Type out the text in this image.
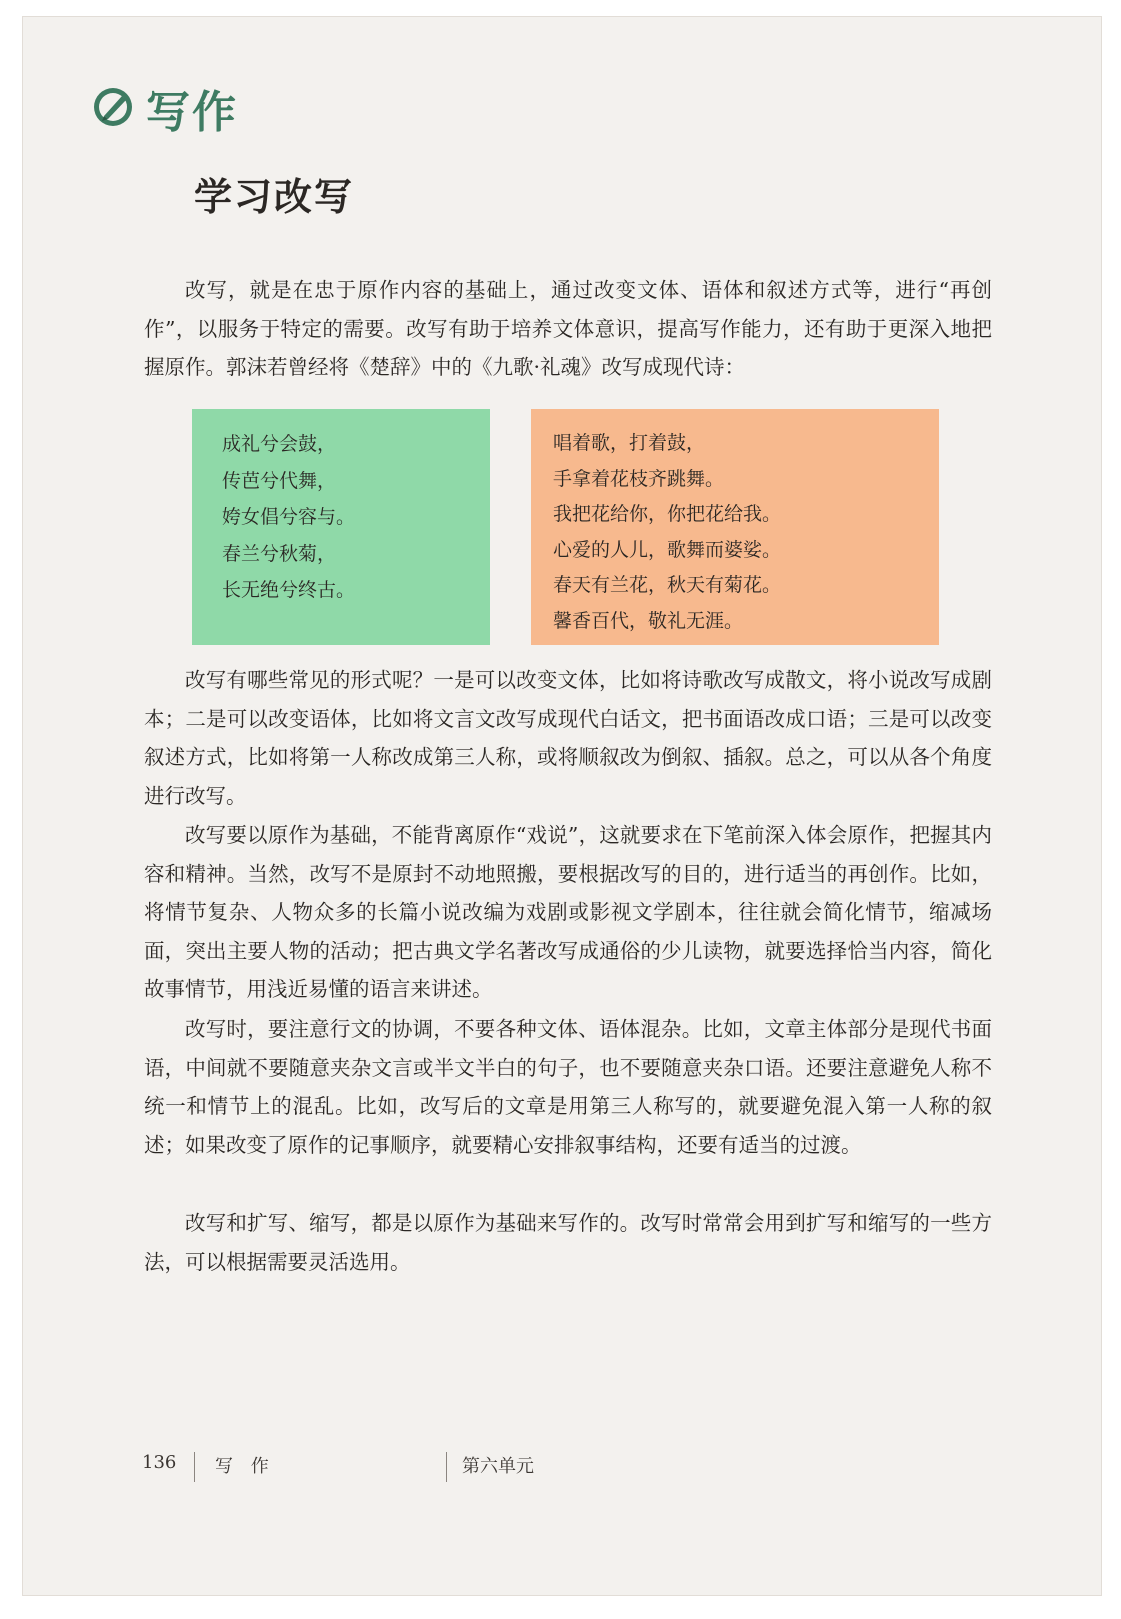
写作
学习改写

改写，就是在忠于原作内容的基础上，通过改变文体、语体和叙述方式等，进行“再创作”，以服务于特定的需要。改写有助于培养文体意识，提高写作能力，还有助于更深入地把握原作。郭沫若曾经将《楚辞》中的《九歌·礼魂》改写成现代诗：

成礼兮会鼓，
传芭兮代舞，
姱女倡兮容与。
春兰兮秋菊，
长无绝兮终古。
唱着歌，打着鼓，
手拿着花枝齐跳舞。
我把花给你，你把花给我。
心爱的人儿，歌舞而婆娑。
春天有兰花，秋天有菊花。
馨香百代，敬礼无涯。

改写有哪些常见的形式呢？一是可以改变文体，比如将诗歌改写成散文，将小说改写成剧本；二是可以改变语体，比如将文言文改写成现代白话文，把书面语改成口语；三是可以改变叙述方式，比如将第一人称改成第三人称，或将顺叙改为倒叙、插叙。总之，可以从各个角度进行改写。

改写要以原作为基础，不能背离原作“戏说”，这就要求在下笔前深入体会原作，把握其内容和精神。当然，改写不是原封不动地照搬，要根据改写的目的，进行适当的再创作。比如，将情节复杂、人物众多的长篇小说改编为戏剧或影视文学剧本，往往就会简化情节，缩减场面，突出主要人物的活动；把古典文学名著改写成通俗的少儿读物，就要选择恰当内容，简化故事情节，用浅近易懂的语言来讲述。

改写时，要注意行文的协调，不要各种文体、语体混杂。比如，文章主体部分是现代书面语，中间就不要随意夹杂文言或半文半白的句子，也不要随意夹杂口语。还要注意避免人称不统一和情节上的混乱。比如，改写后的文章是用第三人称写的，就要避免混入第一人称的叙述；如果改变了原作的记事顺序，就要精心安排叙事结构，还要有适当的过渡。

改写和扩写、缩写，都是以原作为基础来写作的。改写时常常会用到扩写和缩写的一些方法，可以根据需要灵活选用。

136 写 作	第六单元
